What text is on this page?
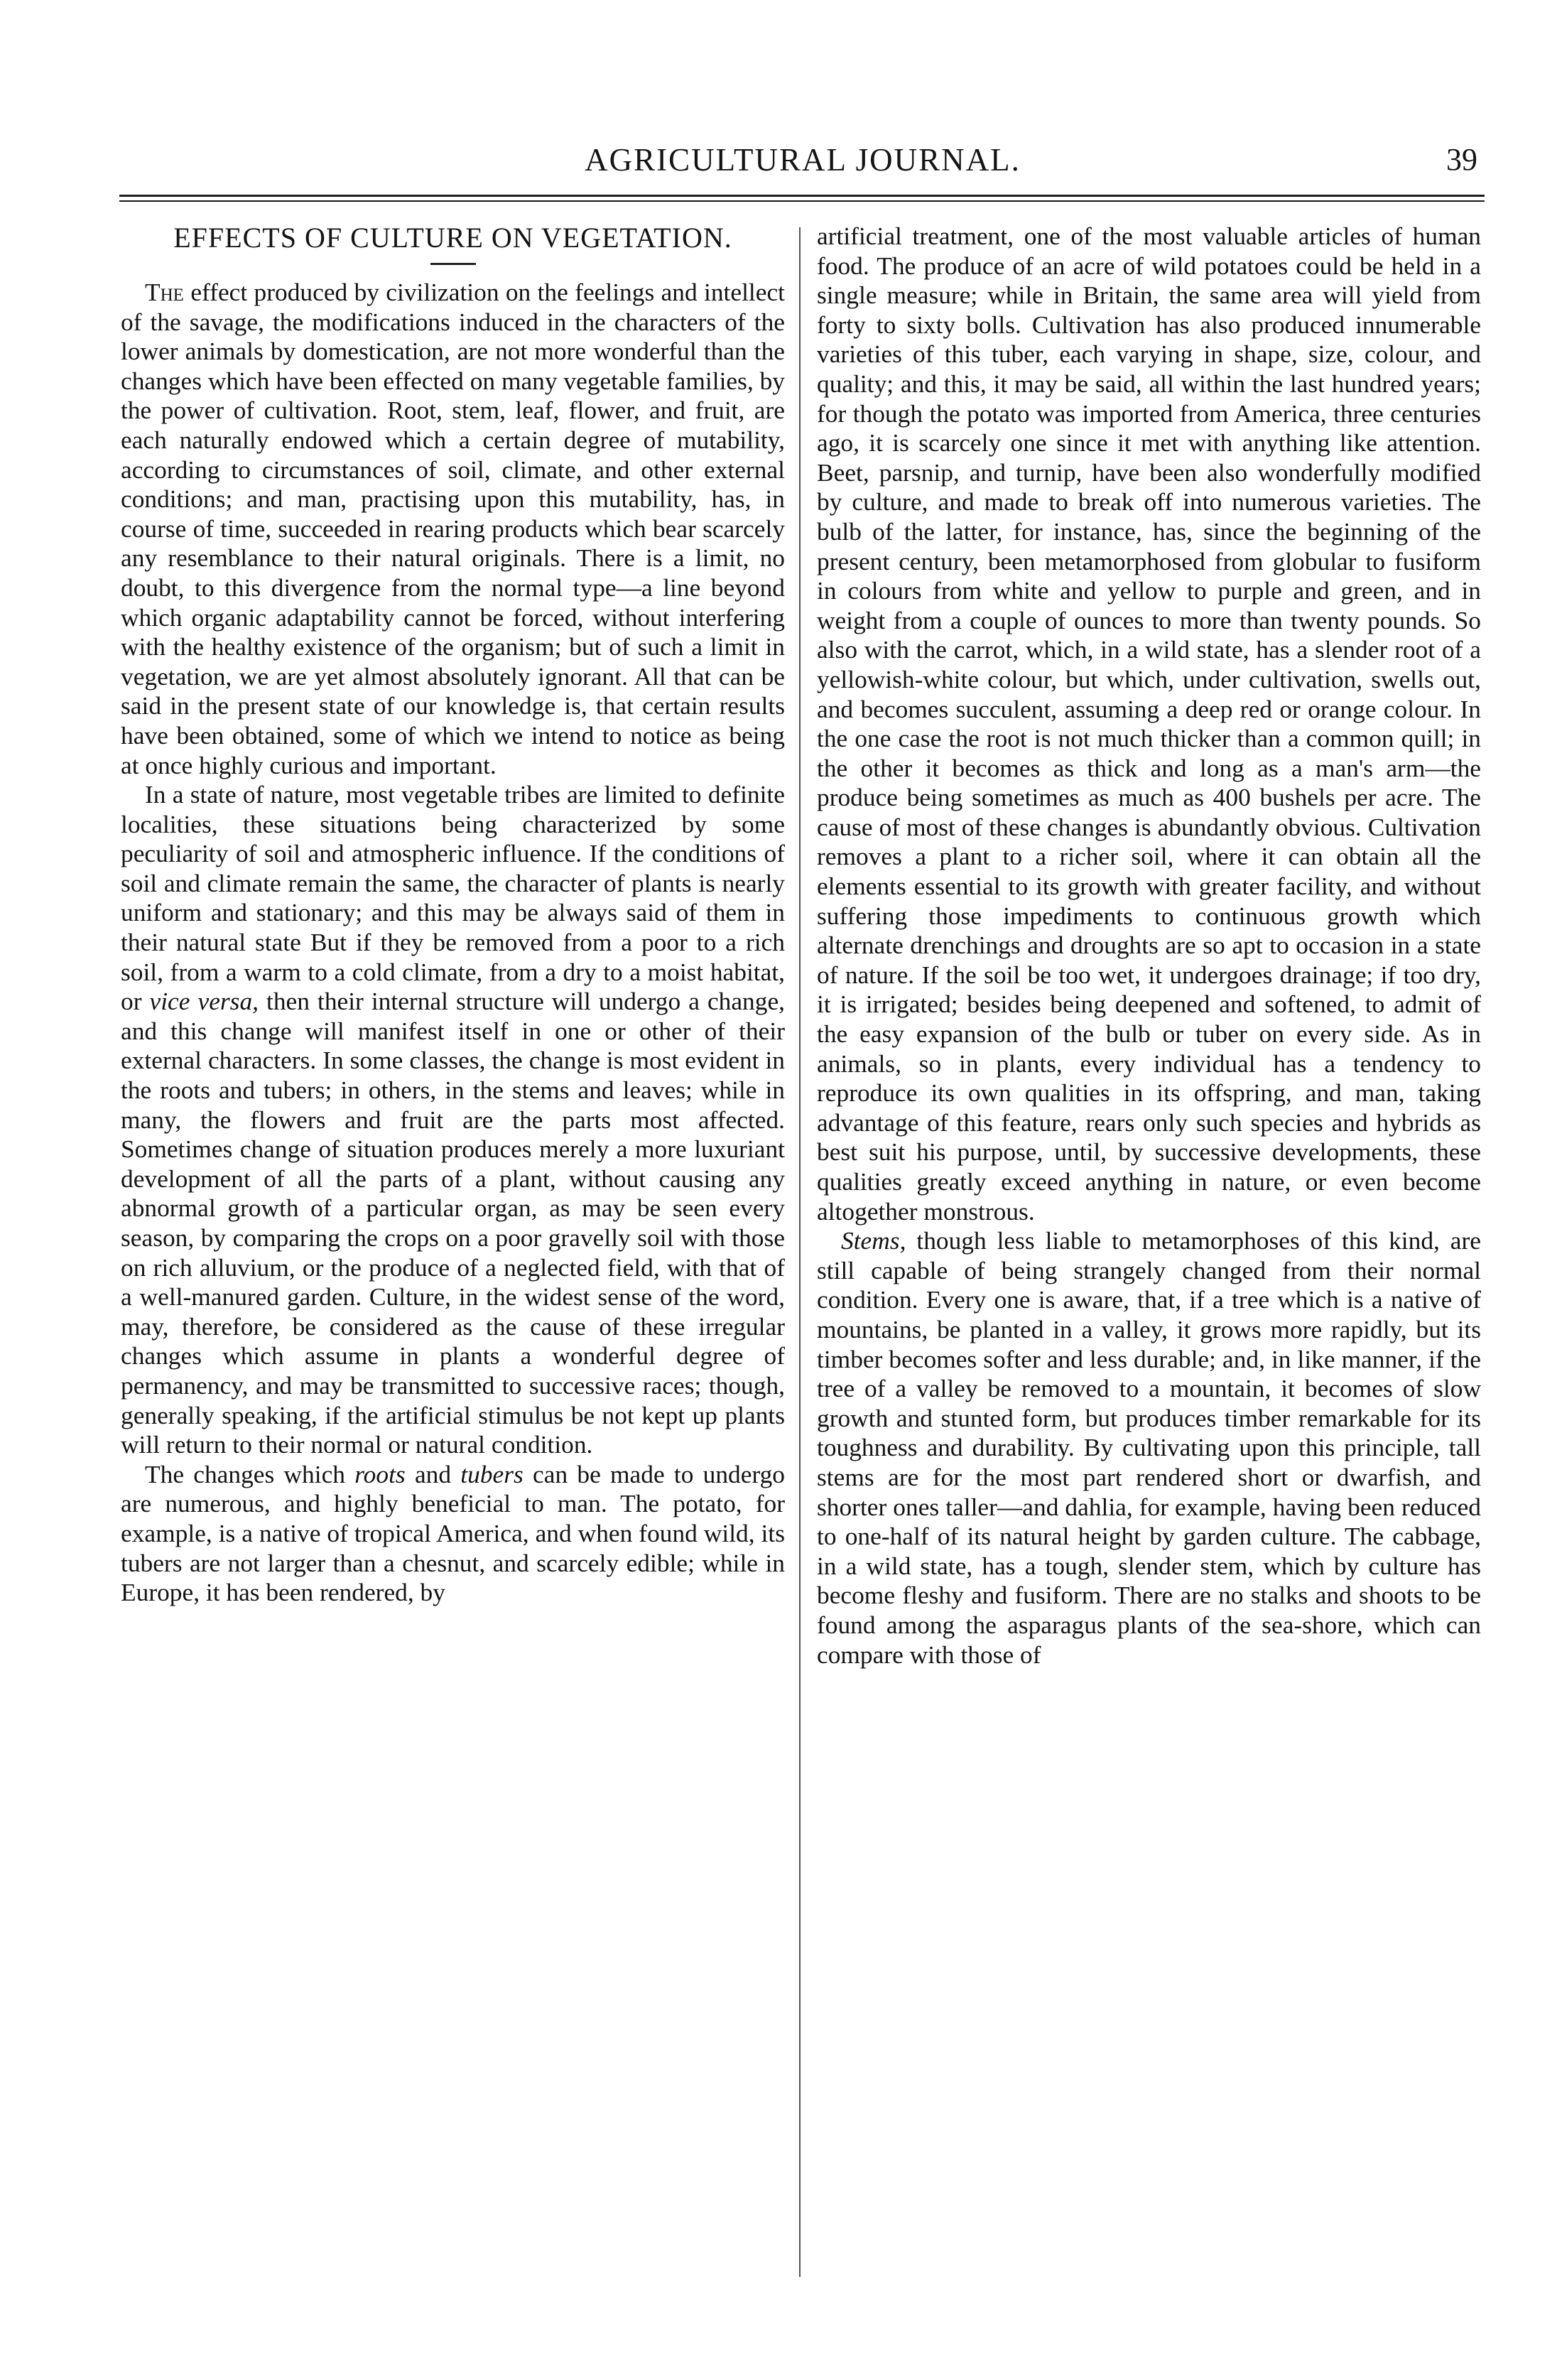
AGRICULTURAL JOURNAL.	39
EFFECTS OF CULTURE ON VEGETATION.

The effect produced by civilization on the feelings and intellect of the savage, the modifications induced in the characters of the lower animals by domestication, are not more wonderful than the changes which have been effected on many vegetable families, by the power of cultivation. Root, stem, leaf, flower, and fruit, are each naturally endowed which a certain degree of mutability, according to circumstances of soil, climate, and other external conditions; and man, practising upon this mutability, has, in course of time, succeeded in rearing products which bear scarcely any resemblance to their natural originals. There is a limit, no doubt, to this divergence from the normal type—a line beyond which organic adaptability cannot be forced, without interfering with the healthy existence of the organism; but of such a limit in vegetation, we are yet almost absolutely ignorant. All that can be said in the present state of our knowledge is, that certain results have been obtained, some of which we intend to notice as being at once highly curious and important.

In a state of nature, most vegetable tribes are limited to definite localities, these situations being characterized by some peculiarity of soil and atmospheric influence. If the conditions of soil and climate remain the same, the character of plants is nearly uniform and stationary; and this may be always said of them in their natural state But if they be removed from a poor to a rich soil, from a warm to a cold climate, from a dry to a moist habitat, or vice versa, then their internal structure will undergo a change, and this change will manifest itself in one or other of their external characters. In some classes, the change is most evident in the roots and tubers; in others, in the stems and leaves; while in many, the flowers and fruit are the parts most affected. Sometimes change of situation produces merely a more luxuriant development of all the parts of a plant, without causing any abnormal growth of a particular organ, as may be seen every season, by comparing the crops on a poor gravelly soil with those on rich alluvium, or the produce of a neglected field, with that of a well-manured garden. Culture, in the widest sense of the word, may, therefore, be considered as the cause of these irregular changes which assume in plants a wonderful degree of permanency, and may be transmitted to successive races; though, generally speaking, if the artificial stimulus be not kept up plants will return to their normal or natural condition.

The changes which roots and tubers can be made to undergo are numerous, and highly beneficial to man. The potato, for example, is a native of tropical America, and when found wild, its tubers are not larger than a chesnut, and scarcely edible; while in Europe, it has been rendered, by

artificial treatment, one of the most valuable articles of human food. The produce of an acre of wild potatoes could be held in a single measure; while in Britain, the same area will yield from forty to sixty bolls. Cultivation has also produced innumerable varieties of this tuber, each varying in shape, size, colour, and quality; and this, it may be said, all within the last hundred years; for though the potato was imported from America, three centuries ago, it is scarcely one since it met with anything like attention. Beet, parsnip, and turnip, have been also wonderfully modified by culture, and made to break off into numerous varieties. The bulb of the latter, for instance, has, since the beginning of the present century, been metamorphosed from globular to fusiform in colours from white and yellow to purple and green, and in weight from a couple of ounces to more than twenty pounds. So also with the carrot, which, in a wild state, has a slender root of a yellowish-white colour, but which, under cultivation, swells out, and becomes succulent, assuming a deep red or orange colour. In the one case the root is not much thicker than a common quill; in the other it becomes as thick and long as a man's arm—the produce being sometimes as much as 400 bushels per acre. The cause of most of these changes is abundantly obvious. Cultivation removes a plant to a richer soil, where it can obtain all the elements essential to its growth with greater facility, and without suffering those impediments to continuous growth which alternate drenchings and droughts are so apt to occasion in a state of nature. If the soil be too wet, it undergoes drainage; if too dry, it is irrigated; besides being deepened and softened, to admit of the easy expansion of the bulb or tuber on every side. As in animals, so in plants, every individual has a tendency to reproduce its own qualities in its offspring, and man, taking advantage of this feature, rears only such species and hybrids as best suit his purpose, until, by successive developments, these qualities greatly exceed anything in nature, or even become altogether monstrous.

Stems, though less liable to metamorphoses of this kind, are still capable of being strangely changed from their normal condition. Every one is aware, that, if a tree which is a native of mountains, be planted in a valley, it grows more rapidly, but its timber becomes softer and less durable; and, in like manner, if the tree of a valley be removed to a mountain, it becomes of slow growth and stunted form, but produces timber remarkable for its toughness and durability. By cultivating upon this principle, tall stems are for the most part rendered short or dwarfish, and shorter ones taller—and dahlia, for example, having been reduced to one-half of its natural height by garden culture. The cabbage, in a wild state, has a tough, slender stem, which by culture has become fleshy and fusiform. There are no stalks and shoots to be found among the asparagus plants of the sea-shore, which can compare with those of
